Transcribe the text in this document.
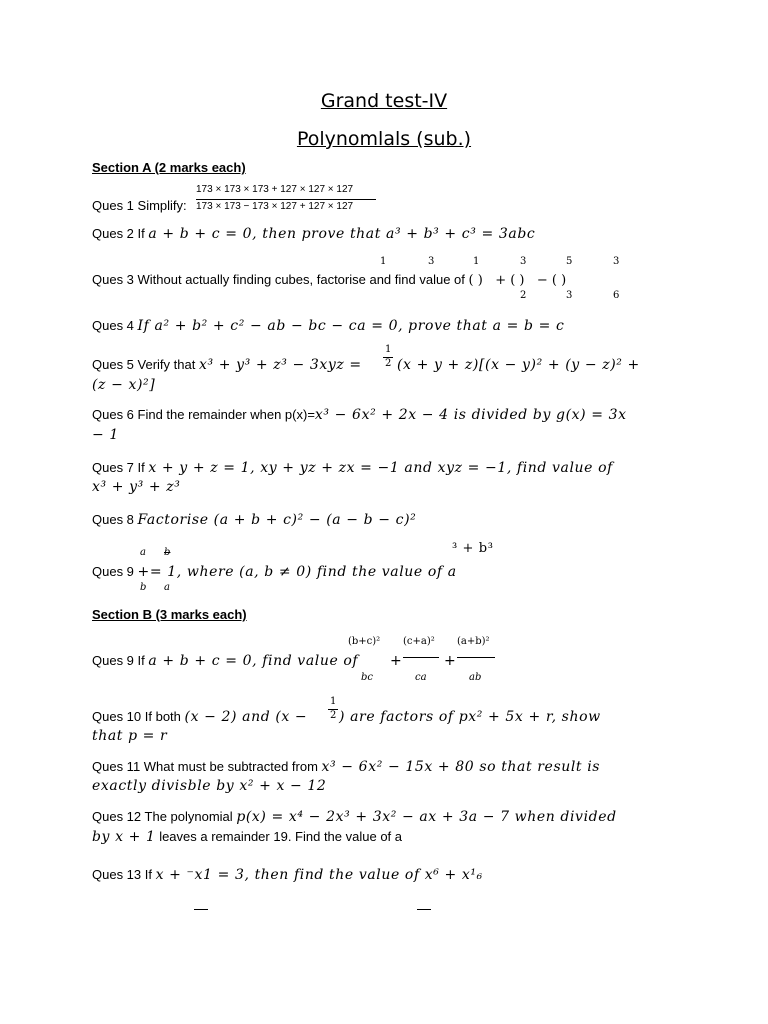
Grand test-IV
Polynomlals (sub.)
Section A (2 marks each)
Ques 1 Simplify:
173 × 173 × 173 + 127 × 127 × 127
173 × 173 − 173 × 127 + 127 × 127
Ques 2 If a + b + c = 0, then prove that a³ + b³ + c³ = 3abc
1	3	1	3	5	3
Ques 3 Without actually finding cubes, factorise and find value of ( )   + ( )   − ( )
2	3	6
Ques 4 If a² + b² + c² − ab − bc − ca = 0, prove that a = b = c
1
2
Ques 5 Verify that x³ + y³ + z³ − 3xyz =	(x + y + z)[(x − y)² + (y − z)² +
(z − x)²]
Ques 6 Find the remainder when p(x)=x³ − 6x² + 2x − 4 is divided by g(x) = 3x
− 1
Ques 7 If x + y + z = 1, xy + yz + zx = −1 and xyz = −1, find value of
x³ + y³ + z³
Ques 8 Factorise (a + b + c)² − (a − b − c)²
a b	³ + b³
Ques 9 += 1, where (a, b ≠ 0) find the value of a
b a
Section B (3 marks each)
(b+c)² (c+a)² (a+b)²
Ques 9 If a + b + c = 0, find value of	+	+
bc	ca	ab
1
2
Ques 10 If both (x − 2) and (x −	) are factors of px² + 5x + r, show
that p = r
Ques 11 What must be subtracted from x³ − 6x² − 15x + 80 so that result is
exactly divisble by x² + x − 12
Ques 12 The polynomial p(x) = x⁴ − 2x³ + 3x² − ax + 3a − 7 when divided
by x + 1 leaves a remainder 19. Find the value of a
Ques 13 If x + ⁻x1 = 3, then find the value of x⁶ + x¹₆
